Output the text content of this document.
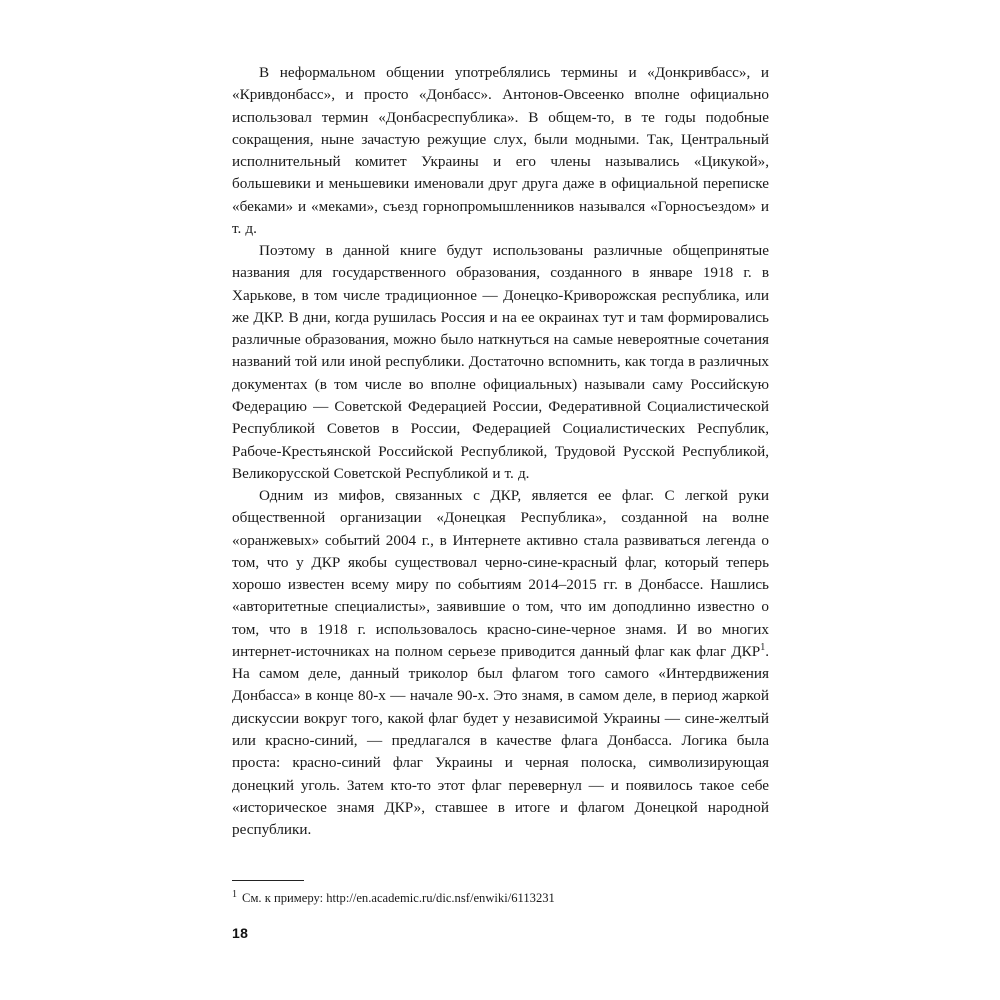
В неформальном общении употреблялись термины и «Донкривбасс», и «Кривдонбасс», и просто «Донбасс». Антонов-Овсеенко вполне официально использовал термин «Донбасреспублика». В общем-то, в те годы подобные сокращения, ныне зачастую режущие слух, были модными. Так, Центральный исполнительный комитет Украины и его члены назывались «Цикукой», большевики и меньшевики именовали друг друга даже в официальной переписке «беками» и «меками», съезд горнопромышленников назывался «Горносъездом» и т. д.

Поэтому в данной книге будут использованы различные общепринятые названия для государственного образования, созданного в январе 1918 г. в Харькове, в том числе традиционное — Донецко-Криворожская республика, или же ДКР. В дни, когда рушилась Россия и на ее окраинах тут и там формировались различные образования, можно было наткнуться на самые невероятные сочетания названий той или иной республики. Достаточно вспомнить, как тогда в различных документах (в том числе во вполне официальных) называли саму Российскую Федерацию — Советской Федерацией России, Федеративной Социалистической Республикой Советов в России, Федерацией Социалистических Республик, Рабоче-Крестьянской Российской Республикой, Трудовой Русской Республикой, Великорусской Советской Республикой и т. д.

Одним из мифов, связанных с ДКР, является ее флаг. С легкой руки общественной организации «Донецкая Республика», созданной на волне «оранжевых» событий 2004 г., в Интернете активно стала развиваться легенда о том, что у ДКР якобы существовал черно-сине-красный флаг, который теперь хорошо известен всему миру по событиям 2014–2015 гг. в Донбассе. Нашлись «авторитетные специалисты», заявившие о том, что им доподлинно известно о том, что в 1918 г. использовалось красно-сине-черное знамя. И во многих интернет-источниках на полном серьезе приводится данный флаг как флаг ДКР$^1$. На самом деле, данный триколор был флагом того самого «Интердвижения Донбасса» в конце 80-х — начале 90-х. Это знамя, в самом деле, в период жаркой дискуссии вокруг того, какой флаг будет у независимой Украины — сине-желтый или красно-синий, — предлагался в качестве флага Донбасса. Логика была проста: красно-синий флаг Украины и черная полоска, символизирующая донецкий уголь. Затем кто-то этот флаг перевернул — и появилось такое себе «историческое знамя ДКР», ставшее в итоге и флагом Донецкой народной республики.

$^1$ См. к примеру: http://en.academic.ru/dic.nsf/enwiki/6113231

18
